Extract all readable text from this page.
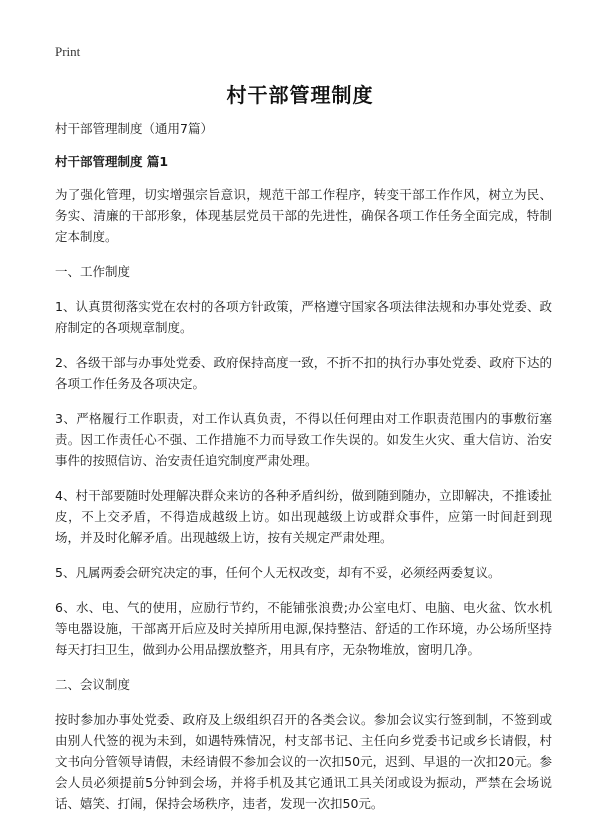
Print
村干部管理制度

村干部管理制度（通用7篇）

村干部管理制度 篇1

为了强化管理，切实增强宗旨意识，规范干部工作程序，转变干部工作作风，树立为民、务实、清廉的干部形象，体现基层党员干部的先进性，确保各项工作任务全面完成，特制定本制度。

一、工作制度

1、认真贯彻落实党在农村的各项方针政策，严格遵守国家各项法律法规和办事处党委、政府制定的各项规章制度。

2、各级干部与办事处党委、政府保持高度一致，不折不扣的执行办事处党委、政府下达的各项工作任务及各项决定。

3、严格履行工作职责，对工作认真负责，不得以任何理由对工作职责范围内的事敷衍塞责。因工作责任心不强、工作措施不力而导致工作失误的。如发生火灾、重大信访、治安事件的按照信访、治安责任追究制度严肃处理。

4、村干部要随时处理解决群众来访的各种矛盾纠纷，做到随到随办，立即解决，不推诿扯皮，不上交矛盾，不得造成越级上访。如出现越级上访或群众事件，应第一时间赶到现场，并及时化解矛盾。出现越级上访，按有关规定严肃处理。

5、凡属两委会研究决定的事，任何个人无权改变，却有不妥，必须经两委复议。

6、水、电、气的使用，应励行节约，不能铺张浪费;办公室电灯、电脑、电火盆、饮水机等电器设施，干部离开后应及时关掉所用电源,保持整洁、舒适的工作环境，办公场所坚持每天打扫卫生，做到办公用品摆放整齐，用具有序，无杂物堆放，窗明几净。

二、会议制度

按时参加办事处党委、政府及上级组织召开的各类会议。参加会议实行签到制，不签到或由别人代签的视为未到，如遇特殊情况，村支部书记、主任向乡党委书记或乡长请假，村文书向分管领导请假，未经请假不参加会议的一次扣50元，迟到、早退的一次扣20元。参会人员必须提前5分钟到会场，并将手机及其它通讯工具关闭或设为振动，严禁在会场说话、嬉笑、打闹，保持会场秩序，违者，发现一次扣50元。
